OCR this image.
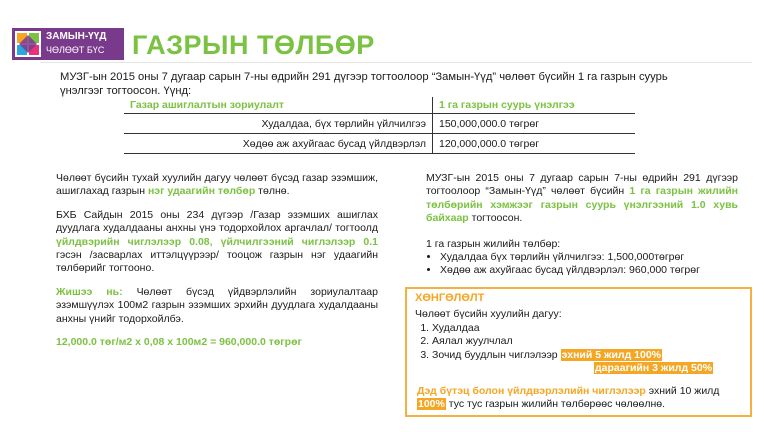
ЗАМЫН-ҮҮД
ЧӨЛӨӨТ БҮС ГАЗРЫН ТӨЛБӨР
МУЗГ-ын 2015 оны 7 дугаар сарын 7-ны өдрийн 291 дүгээр тогтоолоор “Замын-Үүд” чөлөөт бүсийн 1 га газрын суурь үнэлгээг тогтоосон. Үүнд:
Газар ашиглалтын зориулалт	1 га газрын суурь үнэлгээ
Худалдаа, бүх төрлийн үйлчилгээ	150,000,000.0 төгрөг
Хөдөө аж ахуйгаас бусад үйлдвэрлэл	120,000,000.0 төгрөг

Чөлөөт бүсийн тухай хуулийн дагуу чөлөөт бүсэд газар эзэмшиж, ашиглахад газрын нэг удаагийн төлбөр төлнө.

БХБ Сайдын 2015 оны 234 дүгээр /Газар эзэмших ашиглах дуудлага худалдааны анхны үнэ тодорхойлох аргачлал/ тогтоолд үйлдвэрийн чиглэлээр 0.08, үйлчилгээний чиглэлээр 0.1 гэсэн /засварлах иттэлцүүрээр/ тооцож газрын нэг удаагийн төлбөрийг тогтооно.

Жишээ нь: Чөлөөт бүсэд үйдвэрлэлийн зориулалтаар эзэмшүүлэх 100м2 газрын эзэмших эрхийн дуудлага худалдааны анхны үнийг тодорхойлбэ.

12,000.0 төг/м2 х 0,08 х 100м2 = 960,000.0 төгрөг

МУЗГ-ын 2015 оны 7 дугаар сарын 7-ны өдрийн 291 дүгээр тогтоолоор “Замын-Үүд” чөлөөт бүсийн 1 га газрын жилийн төлбөрийн хэмжээг газрын суурь үнэлгээний 1.0 хувь байхаар тогтоосон.
1 га газрын жилийн төлбөр:
• Худалдаа бүх төрлийн үйлчилгээ: 1,500,000төгрөг
• Хөдөө аж ахуйгаас бусад үйлдвэрлэл: 960,000 төгрөг
ХӨНГӨЛӨЛТ
Чөлөөт бүсийн хуулийн дагуу:
1. Худалдаа
2. Аялал жуулчлал
3. Зочид буудлын чиглэлээр эхний 5 жилд 100%
дараагийн 3 жилд 50%
Дэд бүтэц болон үйлдвэрлэлийн чиглэлээр эхний 10 жилд 100% тус тус газрын жилийн төлбөрөөс чөлөөлнө.
